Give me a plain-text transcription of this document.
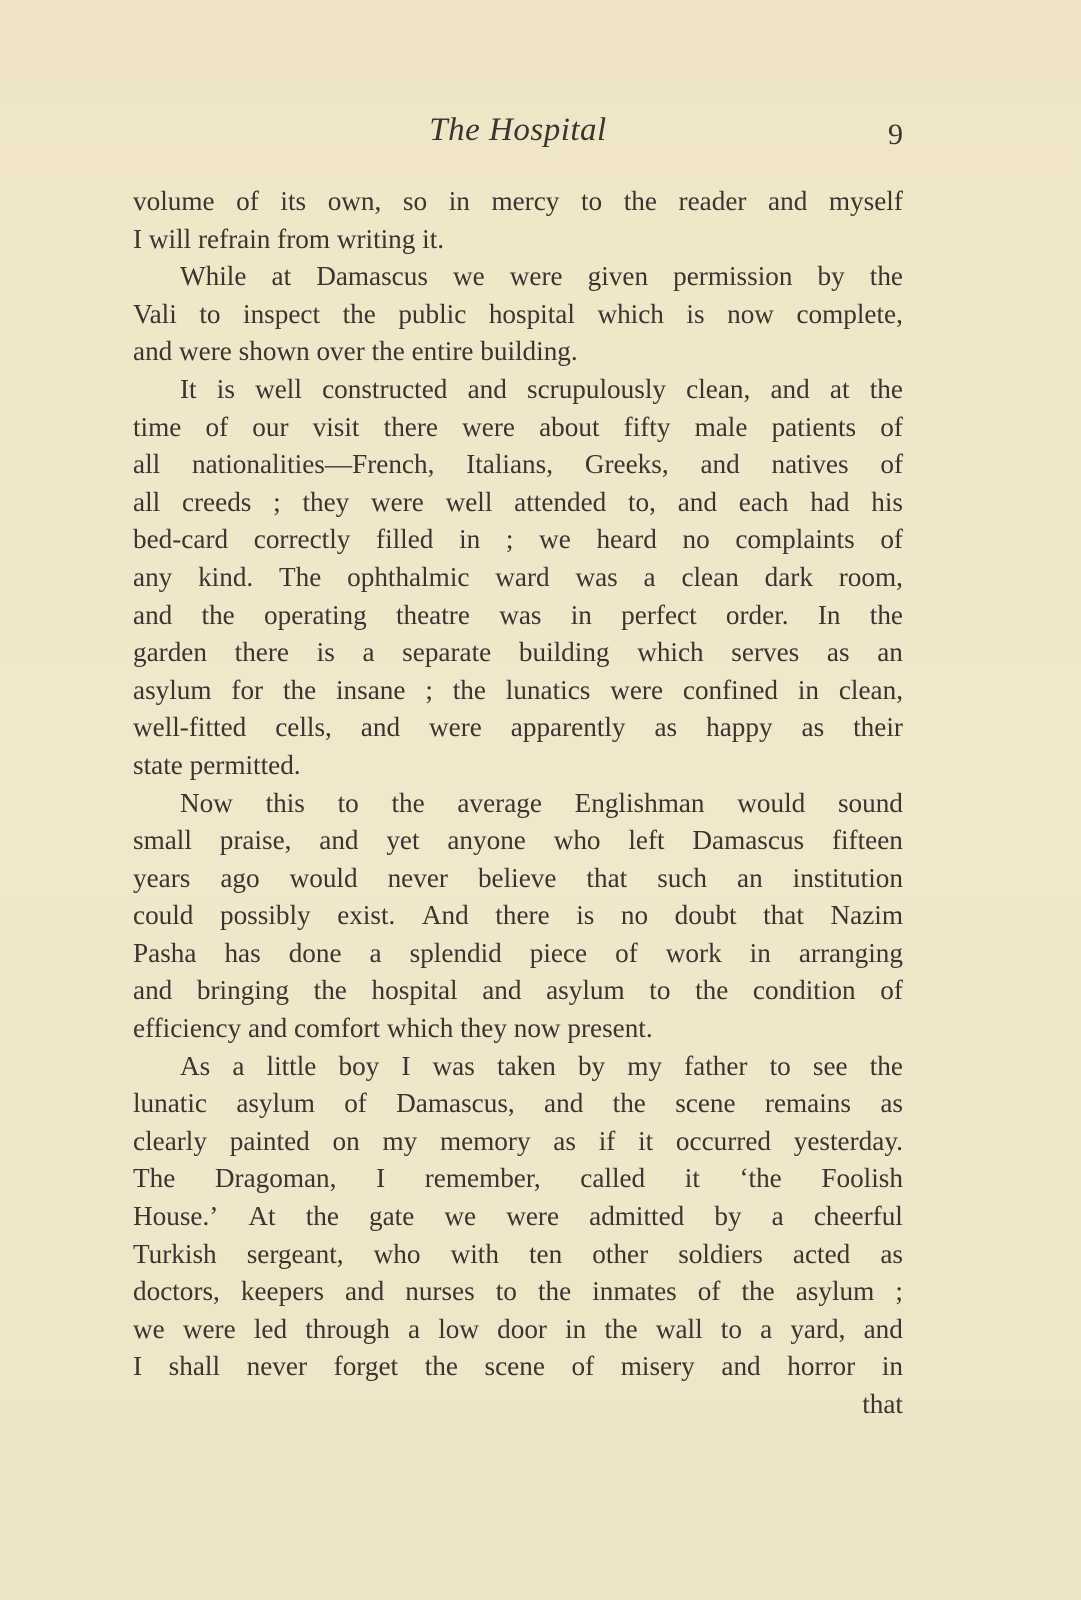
The Hospital	9
volume of its own, so in mercy to the reader and myself
I will refrain from writing it.
While at Damascus we were given permission by the
Vali to inspect the public hospital which is now complete,
and were shown over the entire building.
It is well constructed and scrupulously clean, and at the
time of our visit there were about fifty male patients of
all nationalities—French, Italians, Greeks, and natives of
all creeds ; they were well attended to, and each had his
bed-card correctly filled in ; we heard no complaints of
any kind. The ophthalmic ward was a clean dark room,
and the operating theatre was in perfect order. In the
garden there is a separate building which serves as an
asylum for the insane ; the lunatics were confined in clean,
well-fitted cells, and were apparently as happy as their
state permitted.
Now this to the average Englishman would sound
small praise, and yet anyone who left Damascus fifteen
years ago would never believe that such an institution
could possibly exist. And there is no doubt that Nazim
Pasha has done a splendid piece of work in arranging
and bringing the hospital and asylum to the condition of
efficiency and comfort which they now present.
As a little boy I was taken by my father to see the
lunatic asylum of Damascus, and the scene remains as
clearly painted on my memory as if it occurred yesterday.
The Dragoman, I remember, called it ‘the Foolish
House.’ At the gate we were admitted by a cheerful
Turkish sergeant, who with ten other soldiers acted as
doctors, keepers and nurses to the inmates of the asylum ;
we were led through a low door in the wall to a yard, and
I shall never forget the scene of misery and horror in
that
